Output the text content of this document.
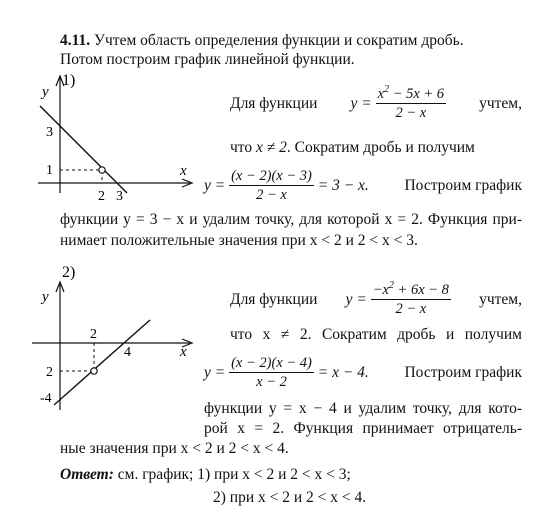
4.11. Учтем область определения функции и сократим дробь.
Потом построим график линейной функции.
1)
y
x
3
1
2 3
Для функции y =
$\frac{x^2 - 5x + 6}{2 - x}$ учтем,
что x ≠ 2. Сократим дробь и получим
y =
$\frac{(x - 2)(x - 3)}{2 - x}$
= 3 − x. Построим график
функции y = 3 − x и удалим точку, для которой x = 2. Функция при-
нимает положительные значения при x < 2 и 2 < x < 3.
2)
y
x
2
4
2
-4
Для функции y =
$\frac{-x^2 + 6x - 8}{2 - x}$ учтем,
что x ≠ 2. Сократим дробь и получим
y =
$\frac{(x - 2)(x - 4)}{x - 2}$
= x − 4. Построим график
функции y = x − 4 и удалим точку, для кото-
рой x = 2. Функция принимает отрицатель-
ные значения при x < 2 и 2 < x < 4.
Ответ: см. график; 1) при x < 2 и 2 < x < 3;
2) при x < 2 и 2 < x < 4.
